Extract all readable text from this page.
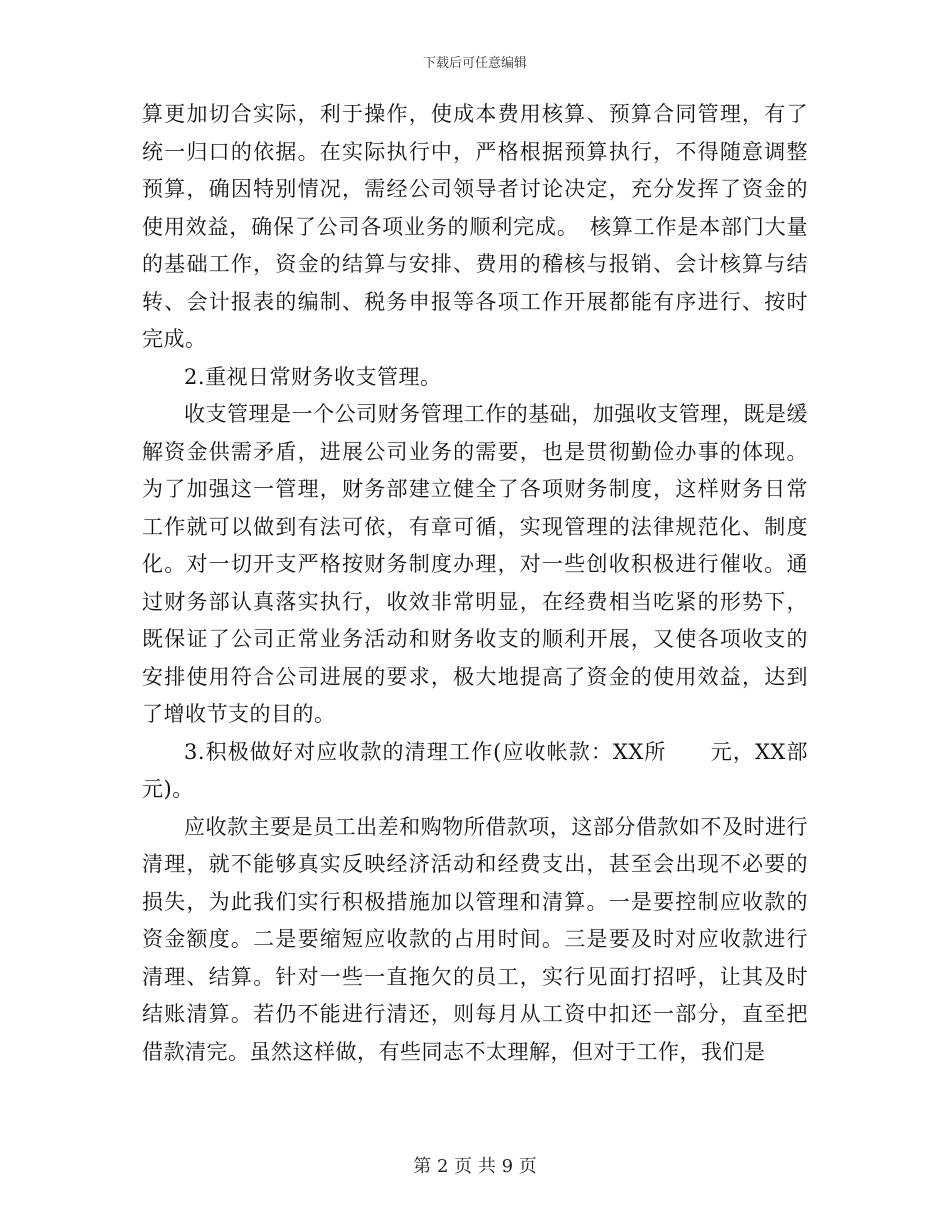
下载后可任意编辑

算更加切合实际，利于操作，使成本费用核算、预算合同管理，有了统一归口的依据。在实际执行中，严格根据预算执行，不得随意调整预算，确因特别情况，需经公司领导者讨论决定，充分发挥了资金的使用效益，确保了公司各项业务的顺利完成。　核算工作是本部门大量的基础工作，资金的结算与安排、费用的稽核与报销、会计核算与结转、会计报表的编制、税务申报等各项工作开展都能有序进行、按时完成。

2.重视日常财务收支管理。

收支管理是一个公司财务管理工作的基础，加强收支管理，既是缓解资金供需矛盾，进展公司业务的需要，也是贯彻勤俭办事的体现。为了加强这一管理，财务部建立健全了各项财务制度，这样财务日常工作就可以做到有法可依，有章可循，实现管理的法律规范化、制度化。对一切开支严格按财务制度办理，对一些创收积极进行催收。通过财务部认真落实执行，收效非常明显，在经费相当吃紧的形势下，既保证了公司正常业务活动和财务收支的顺利开展，又使各项收支的安排使用符合公司进展的要求，极大地提高了资金的使用效益，达到了增收节支的目的。

3.积极做好对应收款的清理工作(应收帐款：XX所　　元，XX部元)。

应收款主要是员工出差和购物所借款项，这部分借款如不及时进行清理，就不能够真实反映经济活动和经费支出，甚至会出现不必要的损失，为此我们实行积极措施加以管理和清算。一是要控制应收款的资金额度。二是要缩短应收款的占用时间。三是要及时对应收款进行清理、结算。针对一些一直拖欠的员工，实行见面打招呼，让其及时结账清算。若仍不能进行清还，则每月从工资中扣还一部分，直至把借款清完。虽然这样做，有些同志不太理解，但对于工作，我们是

第 2 页 共 9 页
